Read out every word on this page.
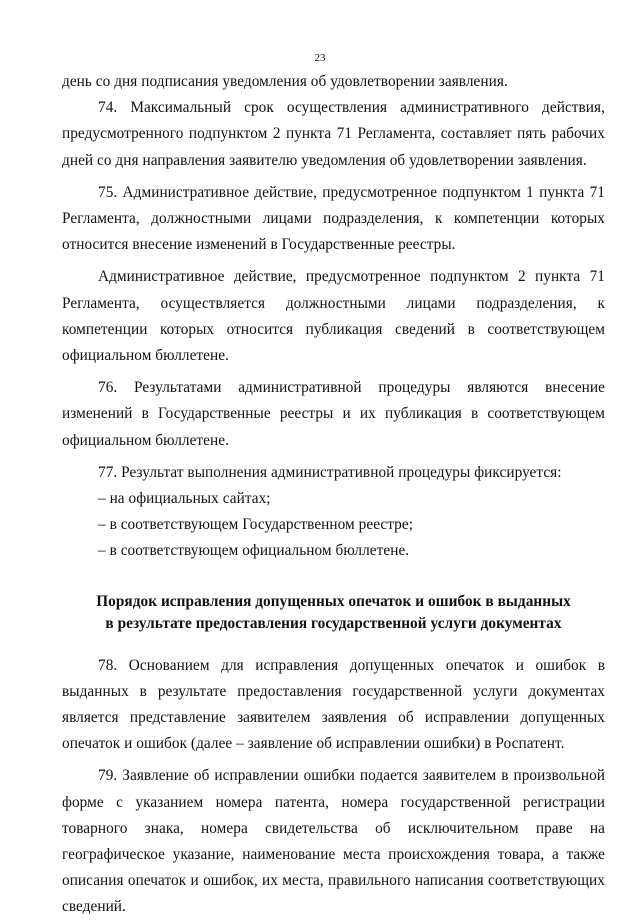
23

день со дня подписания уведомления об удовлетворении заявления.

74. Максимальный срок осуществления административного действия, предусмотренного подпунктом 2 пункта 71 Регламента, составляет пять рабочих дней со дня направления заявителю уведомления об удовлетворении заявления.

75. Административное действие, предусмотренное подпунктом 1 пункта 71 Регламента, должностными лицами подразделения, к компетенции которых относится внесение изменений в Государственные реестры.

Административное действие, предусмотренное подпунктом 2 пункта 71 Регламента, осуществляется должностными лицами подразделения, к компетенции которых относится публикация сведений в соответствующем официальном бюллетене.

76. Результатами административной процедуры являются внесение изменений в Государственные реестры и их публикация в соответствующем официальном бюллетене.

77. Результат выполнения административной процедуры фиксируется:

– на официальных сайтах;

– в соответствующем Государственном реестре;

– в соответствующем официальном бюллетене.

Порядок исправления допущенных опечаток и ошибок в выданных
в результате предоставления государственной услуги документах

78. Основанием для исправления допущенных опечаток и ошибок в выданных в результате предоставления государственной услуги документах является представление заявителем заявления об исправлении допущенных опечаток и ошибок (далее – заявление об исправлении ошибки) в Роспатент.

79. Заявление об исправлении ошибки подается заявителем в произвольной форме с указанием номера патента, номера государственной регистрации товарного знака, номера свидетельства об исключительном праве на географическое указание, наименование места происхождения товара, а также описания опечаток и ошибок, их места, правильного написания соответствующих сведений.
